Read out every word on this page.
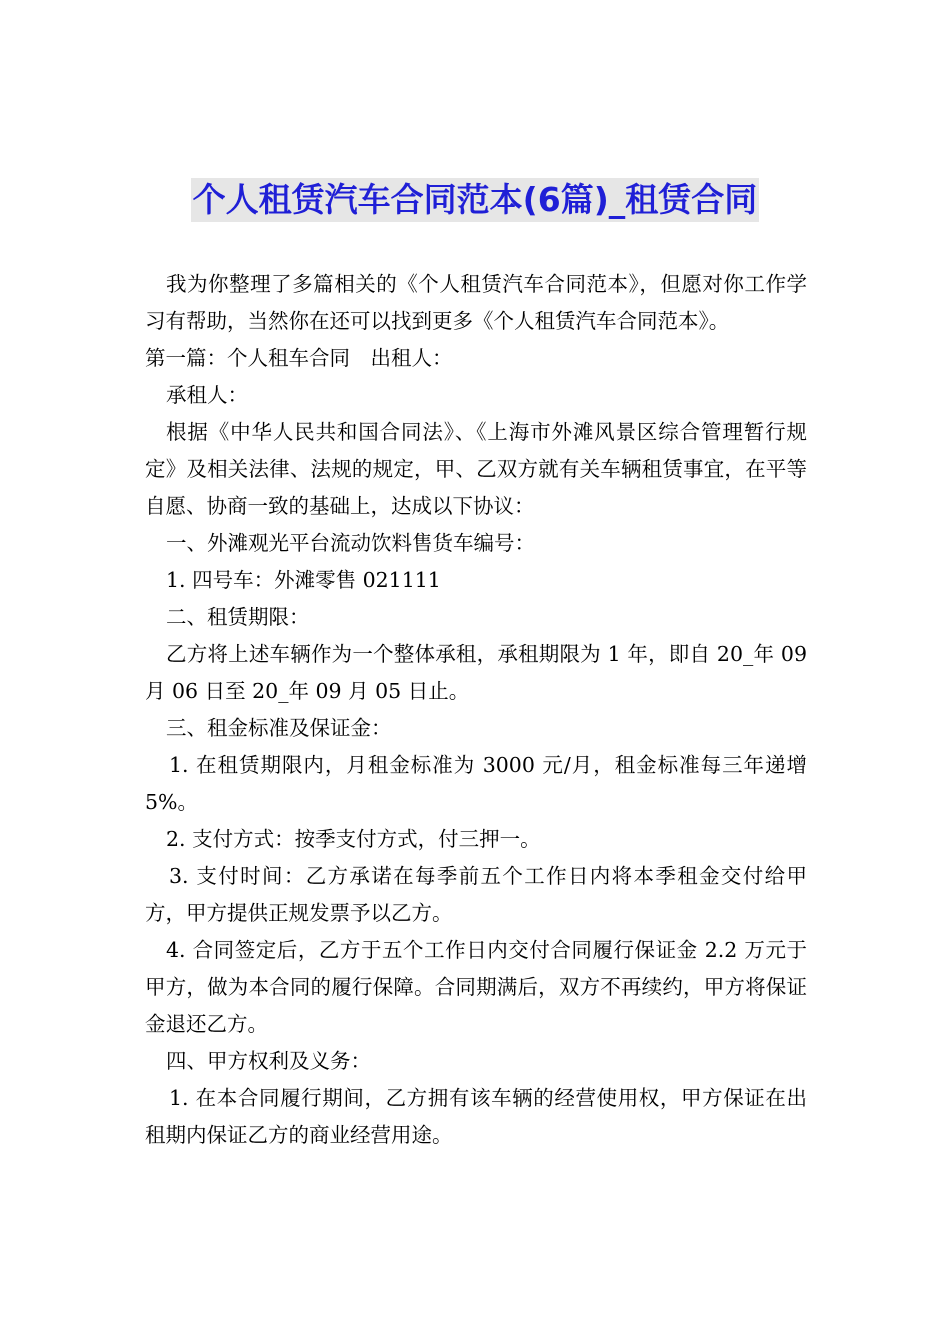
个人租赁汽车合同范本(6篇)_租赁合同

我为你整理了多篇相关的《个人租赁汽车合同范本》，但愿对你工作学习有帮助，当然你在还可以找到更多《个人租赁汽车合同范本》。

第一篇：个人租车合同　出租人：

承租人：

根据《中华人民共和国合同法》、《上海市外滩风景区综合管理暂行规定》及相关法律、法规的规定，甲、乙双方就有关车辆租赁事宜，在平等自愿、协商一致的基础上，达成以下协议：

一、外滩观光平台流动饮料售货车编号：

1. 四号车：外滩零售 021111

二、租赁期限：

乙方将上述车辆作为一个整体承租，承租期限为 1 年，即自 20_年 09 月 06 日至 20_年 09 月 05 日止。

三、租金标准及保证金：

1. 在租赁期限内，月租金标准为 3000 元/月，租金标准每三年递增 5%。

2. 支付方式：按季支付方式，付三押一。

3. 支付时间：乙方承诺在每季前五个工作日内将本季租金交付给甲方，甲方提供正规发票予以乙方。

4. 合同签定后，乙方于五个工作日内交付合同履行保证金 2.2 万元于甲方，做为本合同的履行保障。合同期满后，双方不再续约，甲方将保证金退还乙方。

四、甲方权利及义务：

1. 在本合同履行期间，乙方拥有该车辆的经营使用权，甲方保证在出租期内保证乙方的商业经营用途。
